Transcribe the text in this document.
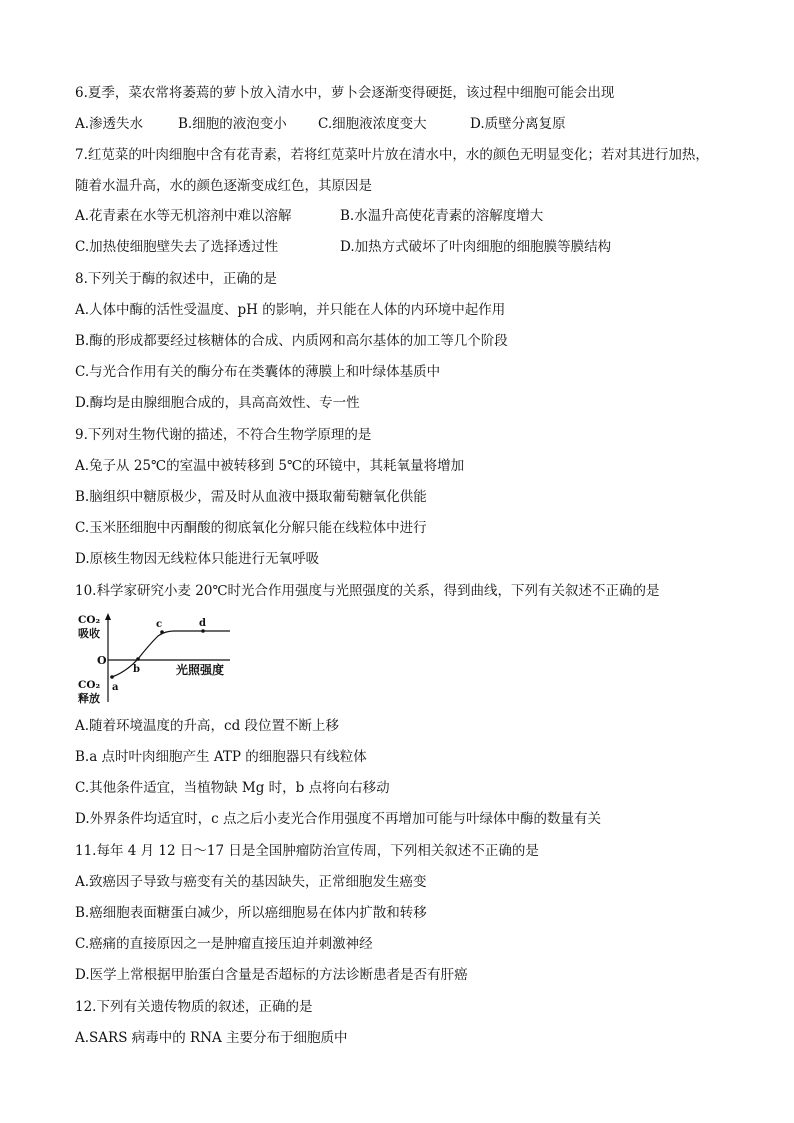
6.夏季，菜农常将萎蔫的萝卜放入清水中，萝卜会逐渐变得硬挺，该过程中细胞可能会出现
A.渗透失水	B.细胞的液泡变小 C.细胞液浓度变大	D.质壁分离复原
7.红苋菜的叶肉细胞中含有花青素，若将红苋菜叶片放在清水中，水的颜色无明显变化；若对其进行加热，
随着水温升高，水的颜色逐渐变成红色，其原因是
A.花青素在水等无机溶剂中难以溶解	B.水温升高使花青素的溶解度增大
C.加热使细胞壁失去了选择透过性	D.加热方式破坏了叶肉细胞的细胞膜等膜结构
8.下列关于酶的叙述中，正确的是
A.人体中酶的活性受温度、pH 的影响，并只能在人体的内环境中起作用
B.酶的形成都要经过核糖体的合成、内质网和高尔基体的加工等几个阶段
C.与光合作用有关的酶分布在类囊体的薄膜上和叶绿体基质中
D.酶均是由腺细胞合成的，具高高效性、专一性
9.下列对生物代谢的描述，不符合生物学原理的是
A.兔子从 25℃的室温中被转移到 5℃的环镜中，其耗氧量将增加
B.脑组织中糖原极少，需及时从血液中摄取葡萄糖氧化供能
C.玉米胚细胞中丙酮酸的彻底氧化分解只能在线粒体中进行
D.原核生物因无线粒体只能进行无氧呼吸
10.科学家研究小麦 20℃时光合作用强度与光照强度的关系，得到曲线，下列有关叙述不正确的是
CO₂
吸收
O
CO₂
释放
光照强度
a
b
c	d
A.随着环境温度的升高，cd 段位置不断上移
B.a 点时叶肉细胞产生 ATP 的细胞器只有线粒体
C.其他条件适宜，当植物缺 Mg 时，b 点将向右移动
D.外界条件均适宜时，c 点之后小麦光合作用强度不再增加可能与叶绿体中酶的数量有关
11.每年 4 月 12 日～17 日是全国肿瘤防治宣传周，下列相关叙述不正确的是
A.致癌因子导致与癌变有关的基因缺失，正常细胞发生癌变
B.癌细胞表面糖蛋白减少，所以癌细胞易在体内扩散和转移
C.癌痛的直接原因之一是肿瘤直接压迫并刺激神经
D.医学上常根据甲胎蛋白含量是否超标的方法诊断患者是否有肝癌
12.下列有关遗传物质的叙述，正确的是
A.SARS 病毒中的 RNA 主要分布于细胞质中
